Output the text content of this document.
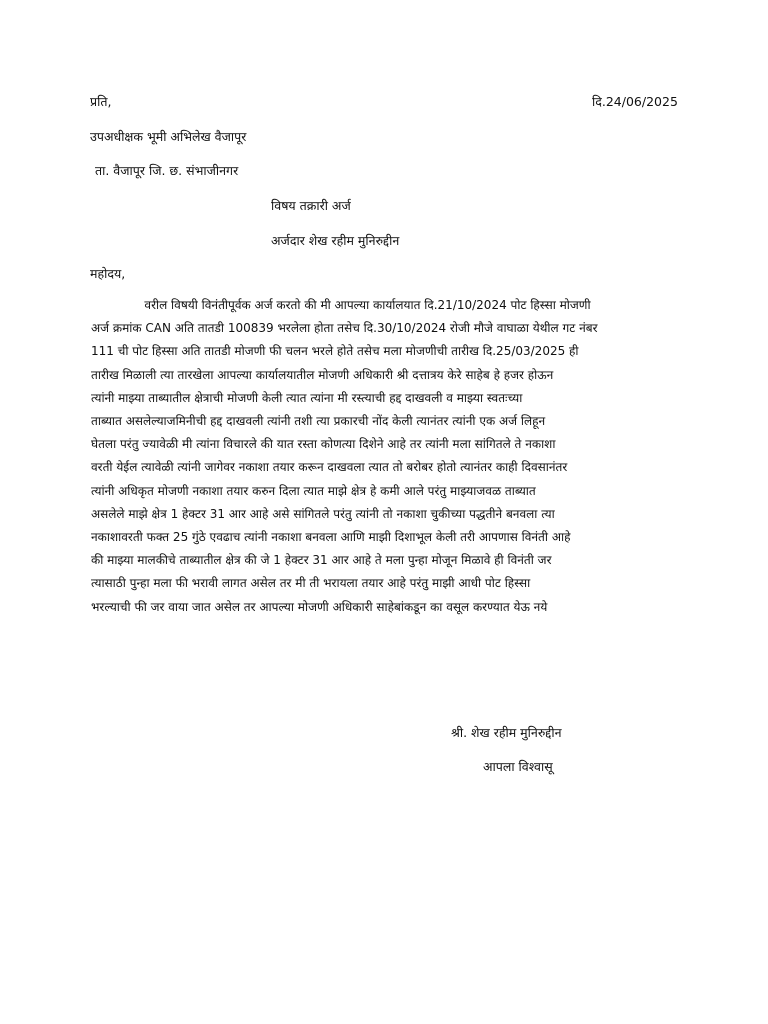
प्रति,	दि.24/06/2025
उपअधीक्षक भूमी अभिलेख वैजापूर
ता. वैजापूर जि. छ. संभाजीनगर
विषय तक्रारी अर्ज
अर्जदार शेख रहीम मुनिरुद्दीन
महोदय,
वरील विषयी विनंतीपूर्वक अर्ज करतो की मी आपल्या कार्यालयात दि.21/10/2024 पोट हिस्सा मोजणी
अर्ज क्रमांक CAN अति तातडी 100839 भरलेला होता तसेच दि.30/10/2024 रोजी मौजे वाघाळा येथील गट नंबर
111 ची पोट हिस्सा अति तातडी मोजणी फी चलन भरले होते तसेच मला मोजणीची तारीख दि.25/03/2025 ही
तारीख मिळाली त्या तारखेला आपल्या कार्यालयातील मोजणी अधिकारी श्री दत्तात्रय केरे साहेब हे हजर होऊन
त्यांनी माझ्या ताब्यातील क्षेत्राची मोजणी केली त्यात त्यांना मी रस्त्याची हद्द दाखवली व माझ्या स्वतःच्या
ताब्यात असलेल्याजमिनीची हद्द दाखवली त्यांनी तशी त्या प्रकारची नोंद केली त्यानंतर त्यांनी एक अर्ज लिहून
घेतला परंतु ज्यावेळी मी त्यांना विचारले की यात रस्ता कोणत्या दिशेने आहे तर त्यांनी मला सांगितले ते नकाशा
वरती येईल त्यावेळी त्यांनी जागेवर नकाशा तयार करून दाखवला त्यात तो बरोबर होतो त्यानंतर काही दिवसानंतर
त्यांनी अधिकृत मोजणी नकाशा तयार करुन दिला त्यात माझे क्षेत्र हे कमी आले परंतु माझ्याजवळ ताब्यात
असलेले माझे क्षेत्र 1 हेक्टर 31 आर आहे असे सांगितले परंतु त्यांनी तो नकाशा चुकीच्या पद्धतीने बनवला त्या
नकाशावरती फक्त 25 गुंठे एवढाच त्यांनी नकाशा बनवला आणि माझी दिशाभूल केली तरी आपणास विनंती आहे
की माझ्या मालकीचे ताब्यातील क्षेत्र की जे 1 हेक्टर 31 आर आहे ते मला पुन्हा मोजून मिळावे ही विनंती जर
त्यासाठी पुन्हा मला फी भरावी लागत असेल तर मी ती भरायला तयार आहे परंतु माझी आधी पोट हिस्सा
भरल्याची फी जर वाया जात असेल तर आपल्या मोजणी अधिकारी साहेबांकडून का वसूल करण्यात येऊ नये
श्री. शेख रहीम मुनिरुद्दीन
आपला विश्वासू
